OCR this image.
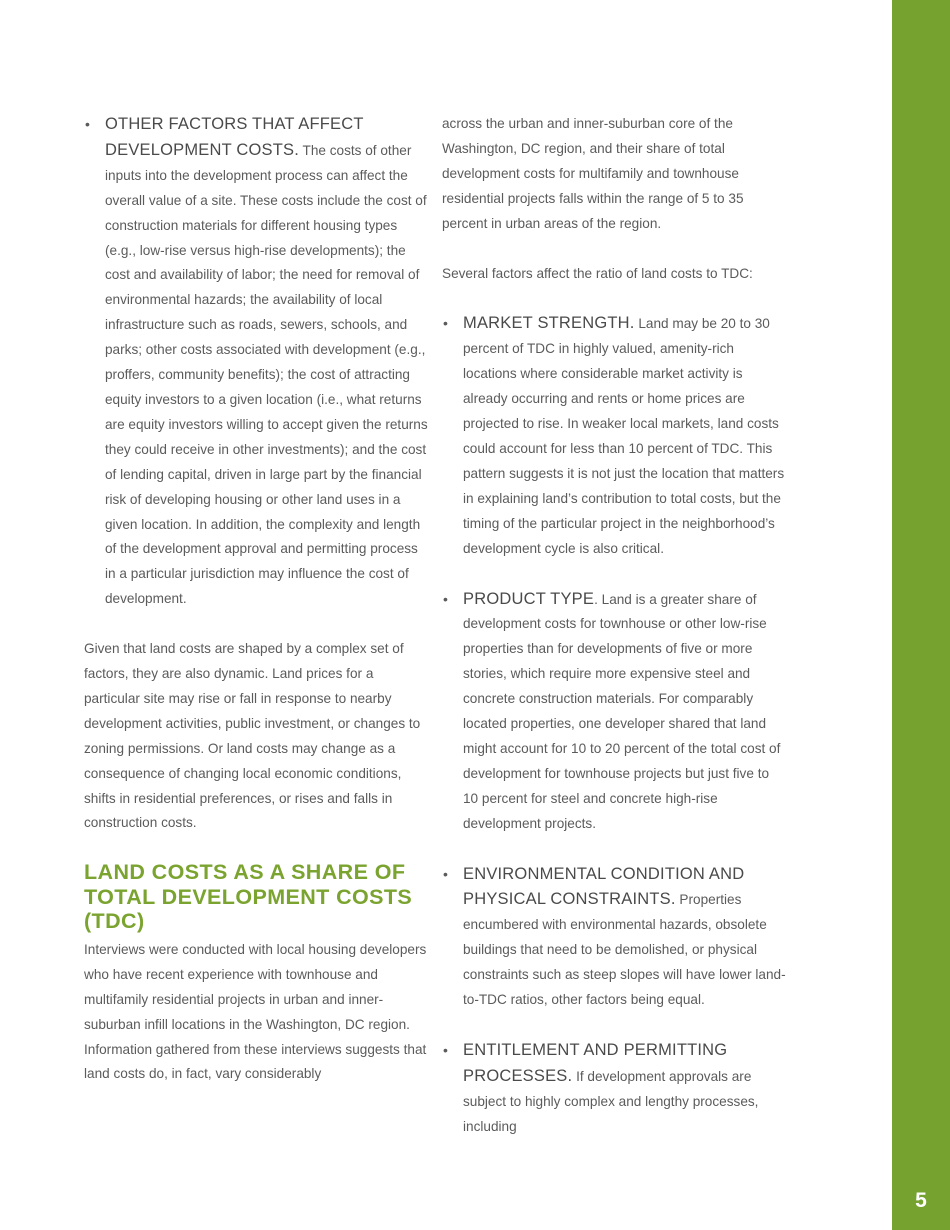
5

• OTHER FACTORS THAT AFFECT DEVELOPMENT COSTS. The costs of other inputs into the development process can affect the overall value of a site. These costs include the cost of construction materials for different housing types (e.g., low-rise versus high-rise developments); the cost and availability of labor; the need for removal of environmental hazards; the availability of local infrastructure such as roads, sewers, schools, and parks; other costs associated with development (e.g., proffers, community benefits); the cost of attracting equity investors to a given location (i.e., what returns are equity investors willing to accept given the returns they could receive in other investments); and the cost of lending capital, driven in large part by the financial risk of developing housing or other land uses in a given location. In addition, the complexity and length of the development approval and permitting process in a particular jurisdiction may influence the cost of development.

Given that land costs are shaped by a complex set of factors, they are also dynamic. Land prices for a particular site may rise or fall in response to nearby development activities, public investment, or changes to zoning permissions. Or land costs may change as a consequence of changing local economic conditions, shifts in residential preferences, or rises and falls in construction costs.

LAND COSTS AS A SHARE OF TOTAL DEVELOPMENT COSTS (TDC)

Interviews were conducted with local housing developers who have recent experience with townhouse and multifamily residential projects in urban and inner-suburban infill locations in the Washington, DC region. Information gathered from these interviews suggests that land costs do, in fact, vary considerably

across the urban and inner-suburban core of the Washington, DC region, and their share of total development costs for multifamily and townhouse residential projects falls within the range of 5 to 35 percent in urban areas of the region.

Several factors affect the ratio of land costs to TDC:

• MARKET STRENGTH. Land may be 20 to 30 percent of TDC in highly valued, amenity-rich locations where considerable market activity is already occurring and rents or home prices are projected to rise. In weaker local markets, land costs could account for less than 10 percent of TDC. This pattern suggests it is not just the location that matters in explaining land’s contribution to total costs, but the timing of the particular project in the neighborhood’s development cycle is also critical.

• PRODUCT TYPE. Land is a greater share of development costs for townhouse or other low-rise properties than for developments of five or more stories, which require more expensive steel and concrete construction materials. For comparably located properties, one developer shared that land might account for 10 to 20 percent of the total cost of development for townhouse projects but just five to 10 percent for steel and concrete high-rise development projects.

• ENVIRONMENTAL CONDITION AND PHYSICAL CONSTRAINTS. Properties encumbered with environmental hazards, obsolete buildings that need to be demolished, or physical constraints such as steep slopes will have lower land-to-TDC ratios, other factors being equal.

• ENTITLEMENT AND PERMITTING PROCESSES. If development approvals are subject to highly complex and lengthy processes, including
